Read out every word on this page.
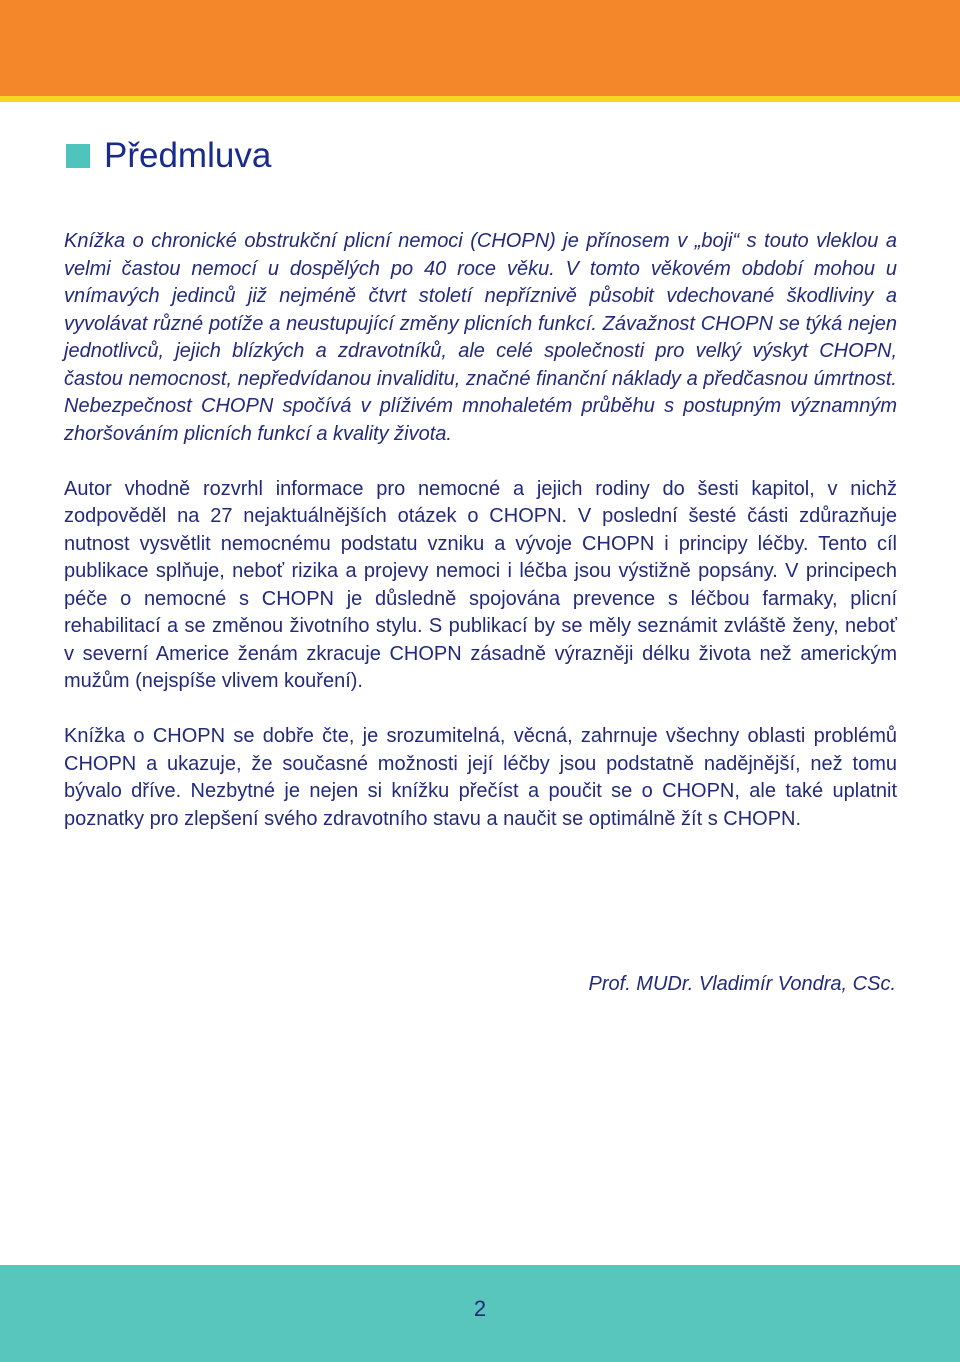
Předmluva

Knížka o chronické obstrukční plicní nemoci (CHOPN) je přínosem v „boji“ s touto vleklou a velmi častou nemocí u dospělých po 40 roce věku. V tomto věkovém období mohou u vnímavých jedinců již nejméně čtvrt století nepříznivě působit vdechované škodliviny a vyvolávat různé potíže a neustupující změny plicních funkcí. Závažnost CHOPN se týká nejen jednotlivců, jejich blízkých a zdravotníků, ale celé společnosti pro velký výskyt CHOPN, častou nemocnost, nepředvídanou invaliditu, značné finanční náklady a předčasnou úmrtnost. Nebezpečnost CHOPN spočívá v plíživém mnohaletém průběhu s postupným významným zhoršováním plicních funkcí a kvality života.

Autor vhodně rozvrhl informace pro nemocné a jejich rodiny do šesti kapitol, v nichž zodpověděl na 27 nejaktuálnějších otázek o CHOPN. V poslední šesté části zdůrazňuje nutnost vysvětlit nemocnému podstatu vzniku a vývoje CHOPN i principy léčby. Tento cíl publikace splňuje, neboť rizika a projevy nemoci i léčba jsou výstižně popsány. V principech péče o nemocné s CHOPN je důsledně spojována prevence s léčbou farmaky, plicní rehabilitací a se změnou životního stylu. S publikací by se měly seznámit zvláště ženy, neboť v severní Americe ženám zkracuje CHOPN zásadně výrazněji délku života než americkým mužům (nejspíše vlivem kouření).

Knížka o CHOPN se dobře čte, je srozumitelná, věcná, zahrnuje všechny oblasti problémů CHOPN a ukazuje, že současné možnosti její léčby jsou podstatně nadějnější, než tomu bývalo dříve. Nezbytné je nejen si knížku přečíst a poučit se o CHOPN, ale také uplatnit poznatky pro zlepšení svého zdravotního stavu a naučit se optimálně žít s CHOPN.

Prof. MUDr. Vladimír Vondra, CSc.
2
